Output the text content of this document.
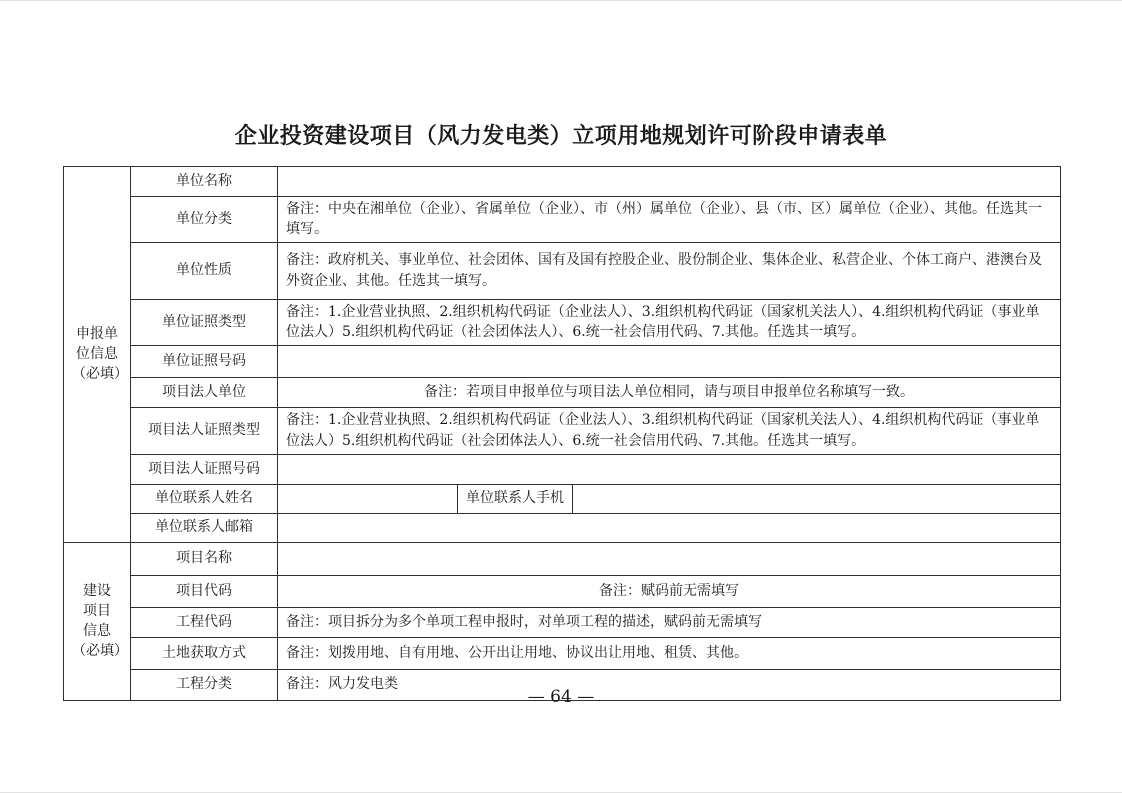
企业投资建设项目（风力发电类）立项用地规划许可阶段申请表单
申报单
位信息
（必填）	单位名称			
	单位分类	备注：中央在湘单位（企业）、省属单位（企业）、市（州）属单位（企业）、县（市、区）属单位（企业）、其他。任选其一填写。		
	单位性质	备注：政府机关、事业单位、社会团体、国有及国有控股企业、股份制企业、集体企业、私营企业、个体工商户、港澳台及外资企业、其他。任选其一填写。		
	单位证照类型	备注：1.企业营业执照、2.组织机构代码证（企业法人）、3.组织机构代码证（国家机关法人）、4.组织机构代码证（事业单位法人）5.组织机构代码证（社会团体法人）、6.统一社会信用代码、7.其他。任选其一填写。		
	单位证照号码			
	项目法人单位	备注：若项目申报单位与项目法人单位相同，请与项目申报单位名称填写一致。		
	项目法人证照类型	备注：1.企业营业执照、2.组织机构代码证（企业法人）、3.组织机构代码证（国家机关法人）、4.组织机构代码证（事业单位法人）5.组织机构代码证（社会团体法人）、6.统一社会信用代码、7.其他。任选其一填写。		
	项目法人证照号码			
	单位联系人姓名		单位联系人手机	
	单位联系人邮箱			

建设
项目
信息
（必填）	项目名称			
	项目代码	备注：赋码前无需填写		
	工程代码	备注：项目拆分为多个单项工程申报时，对单项工程的描述，赋码前无需填写		
	土地获取方式	备注：划拨用地、自有用地、公开出让用地、协议出让用地、租赁、其他。		
	工程分类	备注：风力发电类		
— 64 —
